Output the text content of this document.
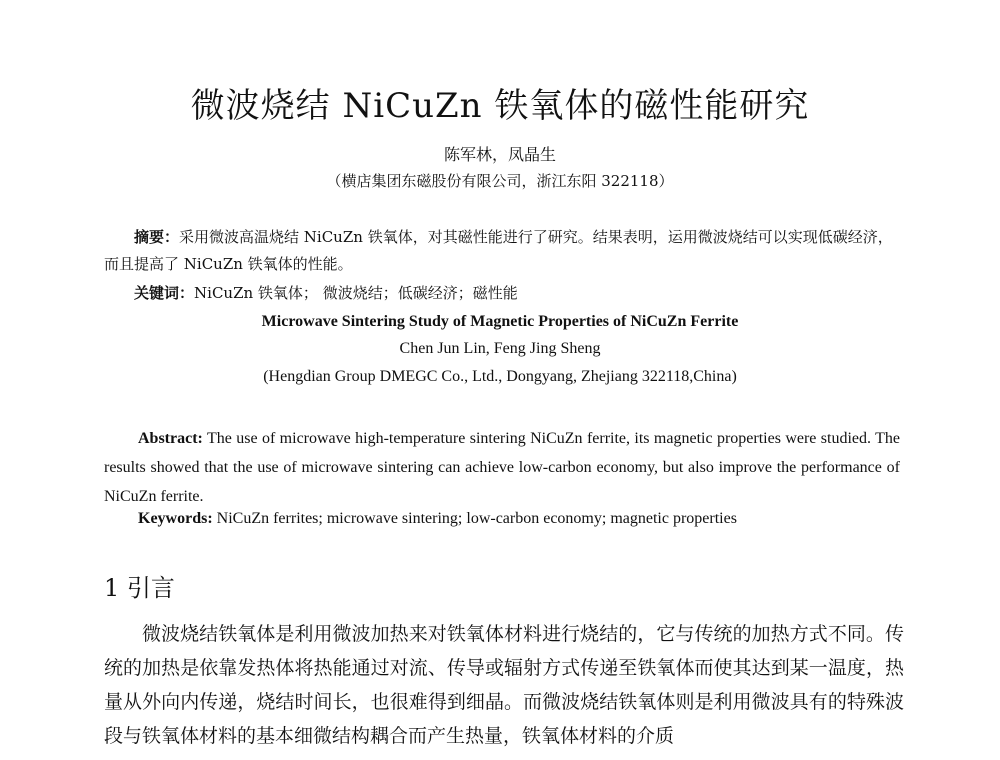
微波烧结 NiCuZn 铁氧体的磁性能研究
陈军林，凤晶生
（横店集团东磁股份有限公司，浙江东阳 322118）
摘要：采用微波高温烧结 NiCuZn 铁氧体，对其磁性能进行了研究。结果表明，运用微波烧结可以实现低碳经济，而且提高了 NiCuZn 铁氧体的性能。
关键词：NiCuZn 铁氧体； 微波烧结；低碳经济；磁性能
Microwave Sintering Study of Magnetic Properties of NiCuZn Ferrite
Chen Jun Lin, Feng Jing Sheng
(Hengdian Group DMEGC Co., Ltd., Dongyang, Zhejiang 322118,China)
Abstract: The use of microwave high-temperature sintering NiCuZn ferrite, its magnetic properties were studied. The results showed that the use of microwave sintering can achieve low-carbon economy, but also improve the performance of NiCuZn ferrite.
Keywords: NiCuZn ferrites; microwave sintering; low-carbon economy; magnetic properties
1 引言
微波烧结铁氧体是利用微波加热来对铁氧体材料进行烧结的，它与传统的加热方式不同。传统的加热是依靠发热体将热能通过对流、传导或辐射方式传递至铁氧体而使其达到某一温度，热量从外向内传递，烧结时间长，也很难得到细晶。而微波烧结铁氧体则是利用微波具有的特殊波段与铁氧体材料的基本细微结构耦合而产生热量，铁氧体材料的介质
